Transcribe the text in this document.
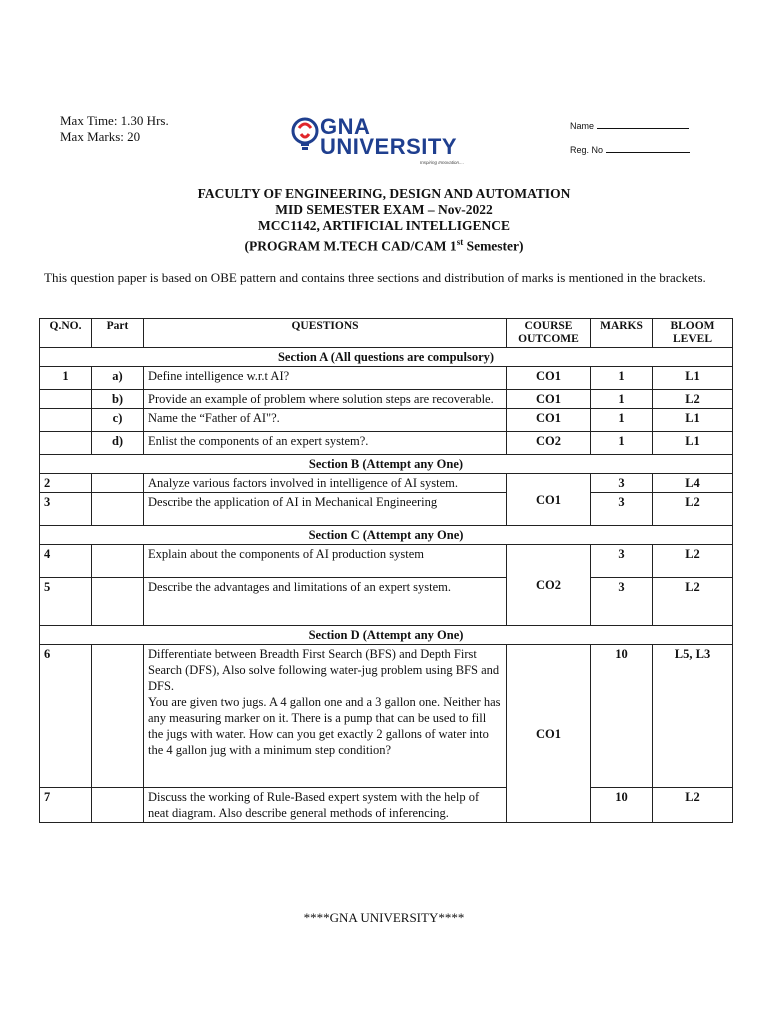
Max Time: 1.30 Hrs.
Max Marks: 20	GNA
UNIVERSITY
Inspiring Innovation....
Name
Reg. No
FACULTY OF ENGINEERING, DESIGN AND AUTOMATION
MID SEMESTER EXAM – Nov-2022
MCC1142, ARTIFICIAL INTELLIGENCE
(PROGRAM M.TECH CAD/CAM 1st Semester)
This question paper is based on OBE pattern and contains three sections and distribution of marks is mentioned in the brackets.
Q.NO.	Part	QUESTIONS	COURSE OUTCOME	MARKS	BLOOM LEVEL
Section A (All questions are compulsory)					
1	a)	Define intelligence w.r.t AI?	CO1	1	L1
	b)	Provide an example of problem where solution steps are recoverable.	CO1	1	L2
	c)	Name the “Father of AI"?.	CO1	1	L1
	d)	Enlist the components of an expert system?.	CO2	1	L1
Section B (Attempt any One)					
2		Analyze various factors involved in intelligence of AI system.	CO1	3	L4
3		Describe the application of AI in Mechanical Engineering		3	L2
Section C (Attempt any One)					
4		Explain about the components of AI production system	CO2	3	L2
5		Describe the advantages and limitations of an expert system.		3	L2
Section D (Attempt any One)					
6		Differentiate between Breadth First Search (BFS) and Depth First Search (DFS), Also solve following water-jug problem using BFS and DFS.
You are given two jugs. A 4 gallon one and a 3 gallon one. Neither has any measuring marker on it. There is a pump that can be used to fill the jugs with water. How can you get exactly 2 gallons of water into the 4 gallon jug with a minimum step condition?	CO1	10	L5, L3
7		Discuss the working of Rule-Based expert system with the help of neat diagram. Also describe general methods of inferencing.		10	L2
****GNA UNIVERSITY****
